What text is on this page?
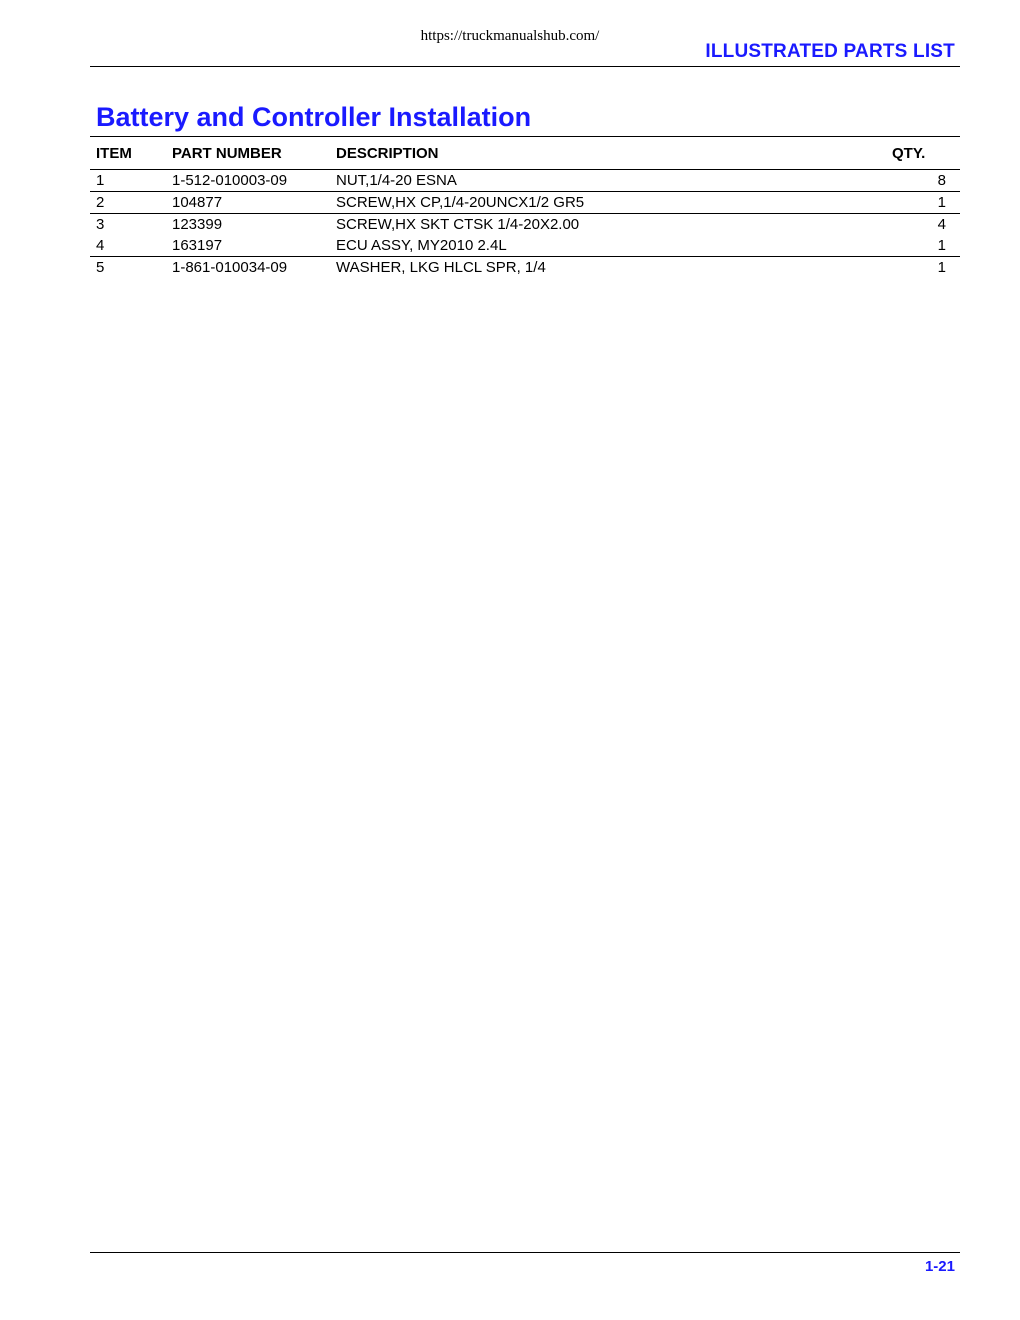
https://truckmanualshub.com/
ILLUSTRATED PARTS LIST
Battery and Controller Installation
ITEM	PART NUMBER	DESCRIPTION	QTY.
1	1-512-010003-09	NUT,1/4-20 ESNA	8
2	104877	SCREW,HX CP,1/4-20UNCX1/2 GR5	1
3	123399	SCREW,HX SKT CTSK 1/4-20X2.00	4
4	163197	ECU ASSY, MY2010 2.4L	1
5	1-861-010034-09	WASHER, LKG HLCL SPR, 1/4	1
1-21
